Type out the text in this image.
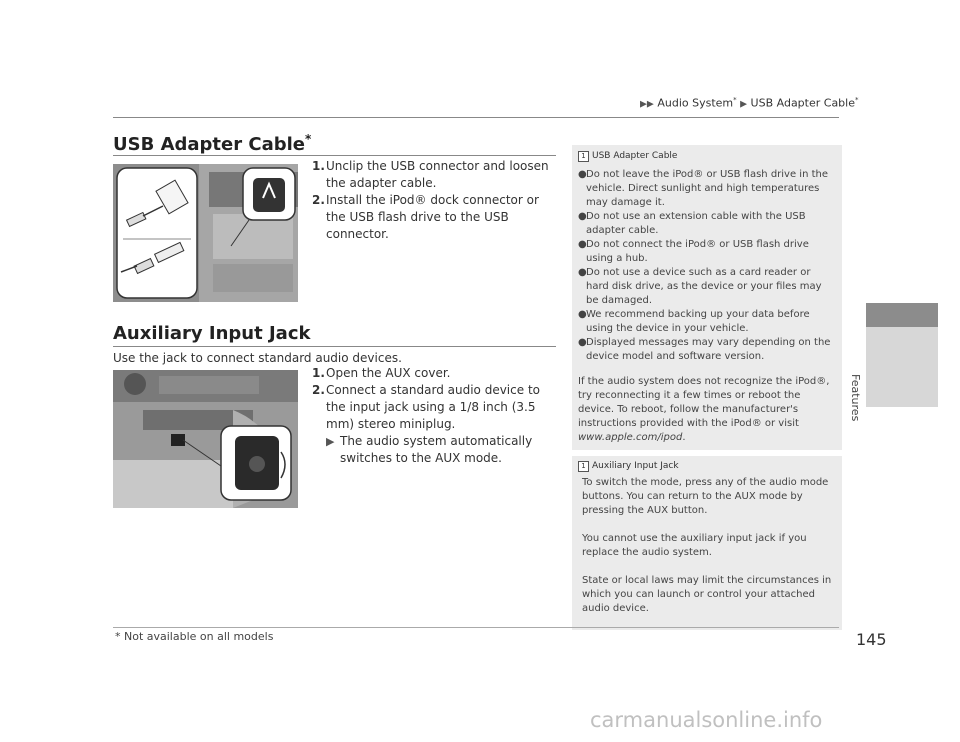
▶▶ Audio System* ▶ USB Adapter Cable*
Features
USB Adapter Cable*
1. Unclip the USB connector and loosen the adapter cable.
2. Install the iPod® dock connector or the USB flash drive to the USB connector.
Auxiliary Input Jack
Use the jack to connect standard audio devices.
1. Open the AUX cover.
2. Connect a standard audio device to the input jack using a 1/8 inch (3.5 mm) stereo miniplug.
▶ The audio system automatically switches to the AUX mode.
1 USB Adapter Cable
● Do not leave the iPod® or USB flash drive in the vehicle. Direct sunlight and high temperatures may damage it.
● Do not use an extension cable with the USB adapter cable.
● Do not connect the iPod® or USB flash drive using a hub.
● Do not use a device such as a card reader or hard disk drive, as the device or your files may be damaged.
● We recommend backing up your data before using the device in your vehicle.
● Displayed messages may vary depending on the device model and software version.
If the audio system does not recognize the iPod®, try reconnecting it a few times or reboot the device. To reboot, follow the manufacturer's instructions provided with the iPod® or visit www.apple.com/ipod.
1 Auxiliary Input Jack
To switch the mode, press any of the audio mode buttons. You can return to the AUX mode by pressing the AUX button.
You cannot use the auxiliary input jack if you replace the audio system.
State or local laws may limit the circumstances in which you can launch or control your attached audio device.
* Not available on all models	145
carmanualsonline.info
